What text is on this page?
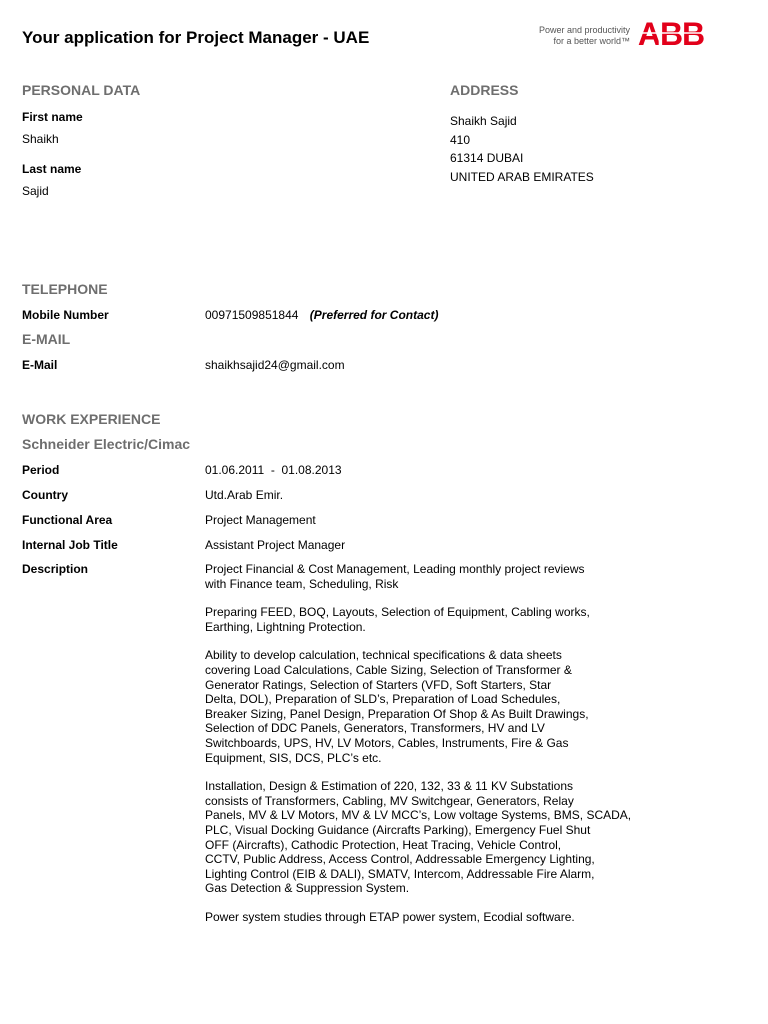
Your application for Project Manager - UAE	Power and productivity
for a better world™ ABB
PERSONAL DATA
First name
Shaikh
Last name
Sajid
ADDRESS
Shaikh Sajid
410
61314 DUBAI
UNITED ARAB EMIRATES
TELEPHONE
Mobile Number	00971509851844 (Preferred for Contact)
E-MAIL
E-Mail	shaikhsajid24@gmail.com
WORK EXPERIENCE
Schneider Electric/Cimac
Period	01.06.2011  -  01.08.2013
Country	Utd.Arab Emir.
Functional Area	Project Management
Internal Job Title	Assistant Project Manager
Description	Project Financial & Cost Management, Leading monthly project reviews
with Finance team, Scheduling, Risk

Preparing FEED, BOQ, Layouts, Selection of Equipment, Cabling works,
Earthing, Lightning Protection.

Ability to develop calculation, technical specifications & data sheets
covering Load Calculations, Cable Sizing, Selection of Transformer &
Generator Ratings, Selection of Starters (VFD, Soft Starters, Star
Delta, DOL), Preparation of SLD’s, Preparation of Load Schedules,
Breaker Sizing, Panel Design, Preparation Of Shop & As Built Drawings,
Selection of DDC Panels, Generators, Transformers, HV and LV
Switchboards, UPS, HV, LV Motors, Cables, Instruments, Fire & Gas
Equipment, SIS, DCS, PLC’s etc.

Installation, Design & Estimation of 220, 132, 33 & 11 KV Substations
consists of Transformers, Cabling, MV Switchgear, Generators, Relay
Panels, MV & LV Motors, MV & LV MCC’s, Low voltage Systems, BMS, SCADA,
PLC, Visual Docking Guidance (Aircrafts Parking), Emergency Fuel Shut
OFF (Aircrafts), Cathodic Protection, Heat Tracing, Vehicle Control,
CCTV, Public Address, Access Control, Addressable Emergency Lighting,
Lighting Control (EIB & DALI), SMATV, Intercom, Addressable Fire Alarm,
Gas Detection & Suppression System.

Power system studies through ETAP power system, Ecodial software.
